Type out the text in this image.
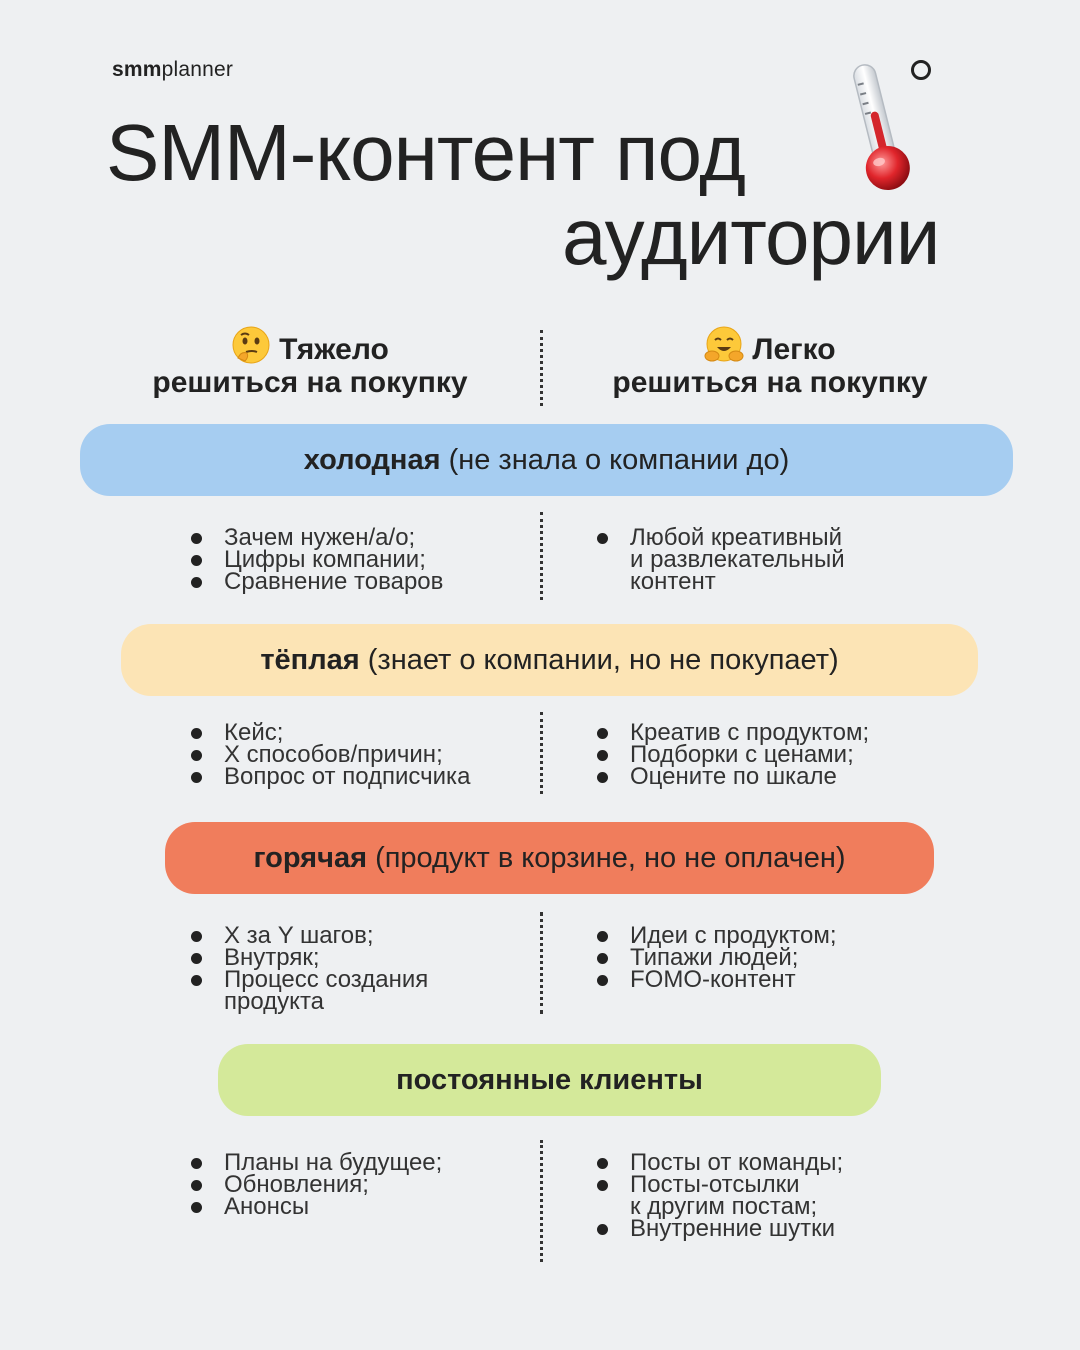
smmplanner
SMM-контент под
аудитории
Тяжело
решиться на покупку
Легко
решиться на покупку
холодная
(не знала о компании до)
Зачем нужен/а/о;
Цифры компании;
Сравнение товаров
Любой креативный
и развлекательный
контент
тёплая
(знает о компании, но не покупает)
Кейс;
X способов/причин;
Вопрос от подписчика
Креатив с продуктом;
Подборки с ценами;
Оцените по шкале
горячая
(продукт в корзине, но не оплачен)
X за Y шагов;
Внутряк;
Процесс создания
продукта
Идеи с продуктом;
Типажи людей;
FOMO-контент
постоянные клиенты
Планы на будущее;
Обновления;
Анонсы
Посты от команды;
Посты-отсылки
к другим постам;
Внутренние шутки
